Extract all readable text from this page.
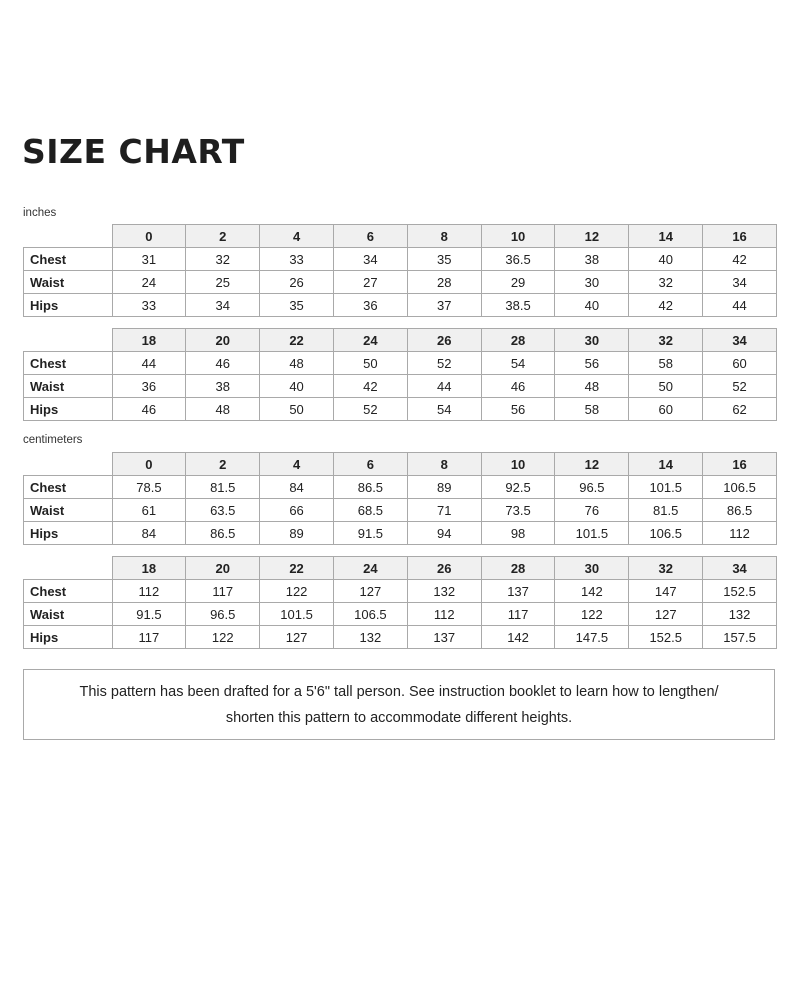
SIZE CHART
inches
	0	2	4	6	8	10	12	14	16
Chest	31	32	33	34	35	36.5	38	40	42
Waist	24	25	26	27	28	29	30	32	34
Hips	33	34	35	36	37	38.5	40	42	44
	18	20	22	24	26	28	30	32	34
Chest	44	46	48	50	52	54	56	58	60
Waist	36	38	40	42	44	46	48	50	52
Hips	46	48	50	52	54	56	58	60	62
centimeters
	0	2	4	6	8	10	12	14	16
Chest	78.5	81.5	84	86.5	89	92.5	96.5	101.5	106.5
Waist	61	63.5	66	68.5	71	73.5	76	81.5	86.5
Hips	84	86.5	89	91.5	94	98	101.5	106.5	112
	18	20	22	24	26	28	30	32	34
Chest	112	117	122	127	132	137	142	147	152.5
Waist	91.5	96.5	101.5	106.5	112	117	122	127	132
Hips	117	122	127	132	137	142	147.5	152.5	157.5
This pattern has been drafted for a 5'6" tall person. See instruction booklet to learn how to lengthen/ shorten this pattern to accommodate different heights.
